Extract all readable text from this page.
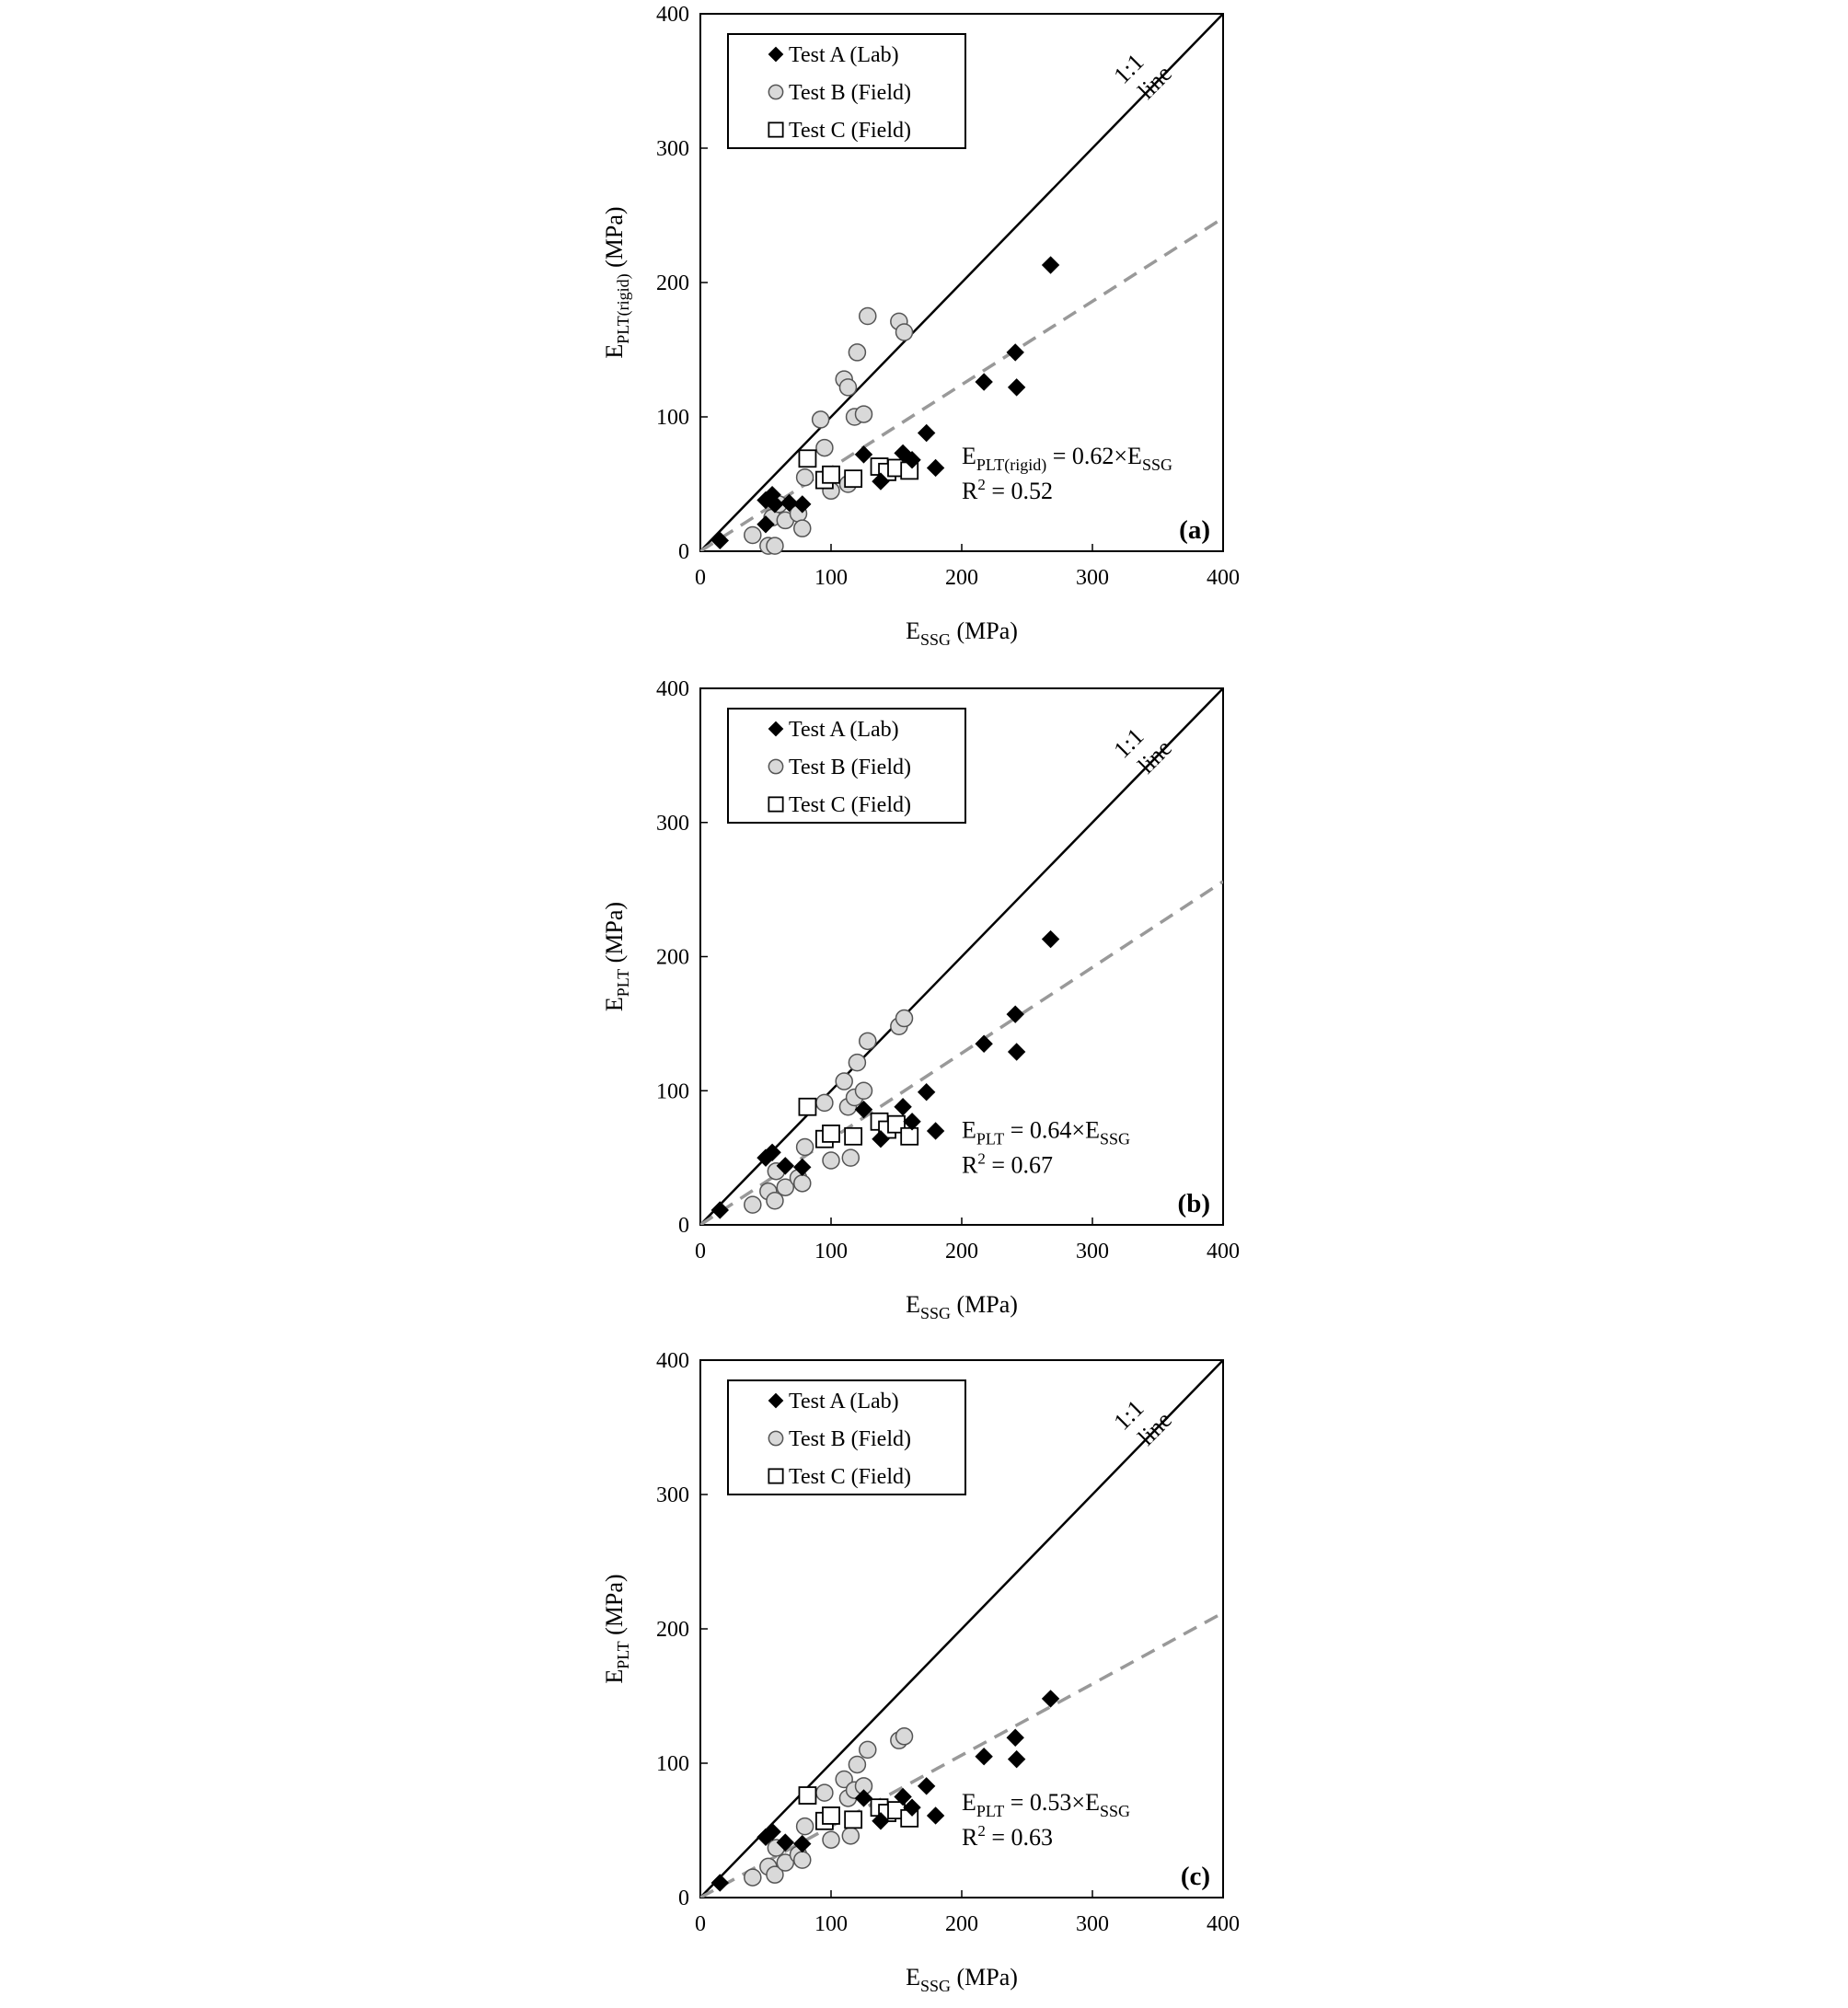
0	100	200	300	400
0
100
200
300
400
$E_{SSG}$ (MPa)
$E_{PLT(rigid)}$ (MPa)
1:1
line
Test A (Lab)
Test B (Field)
Test C (Field)
$E_{PLT(rigid)} = 0.62\times E_{SSG}$
$R^2 = 0.52$
(a)
0	100	200	300	400
0
100
200
300
400
$E_{SSG}$ (MPa)
$E_{PLT}$ (MPa)
1:1
line
Test A (Lab)
Test B (Field)
Test C (Field)
$E_{PLT} = 0.64\times E_{SSG}$
$R^2 = 0.67$
(b)
0	100	200	300	400
0
100
200
300
400
$E_{SSG}$ (MPa)
$E_{PLT}$ (MPa)
1:1
line
Test A (Lab)
Test B (Field)
Test C (Field)
$E_{PLT} = 0.53\times E_{SSG}$
$R^2 = 0.63$
(c)
